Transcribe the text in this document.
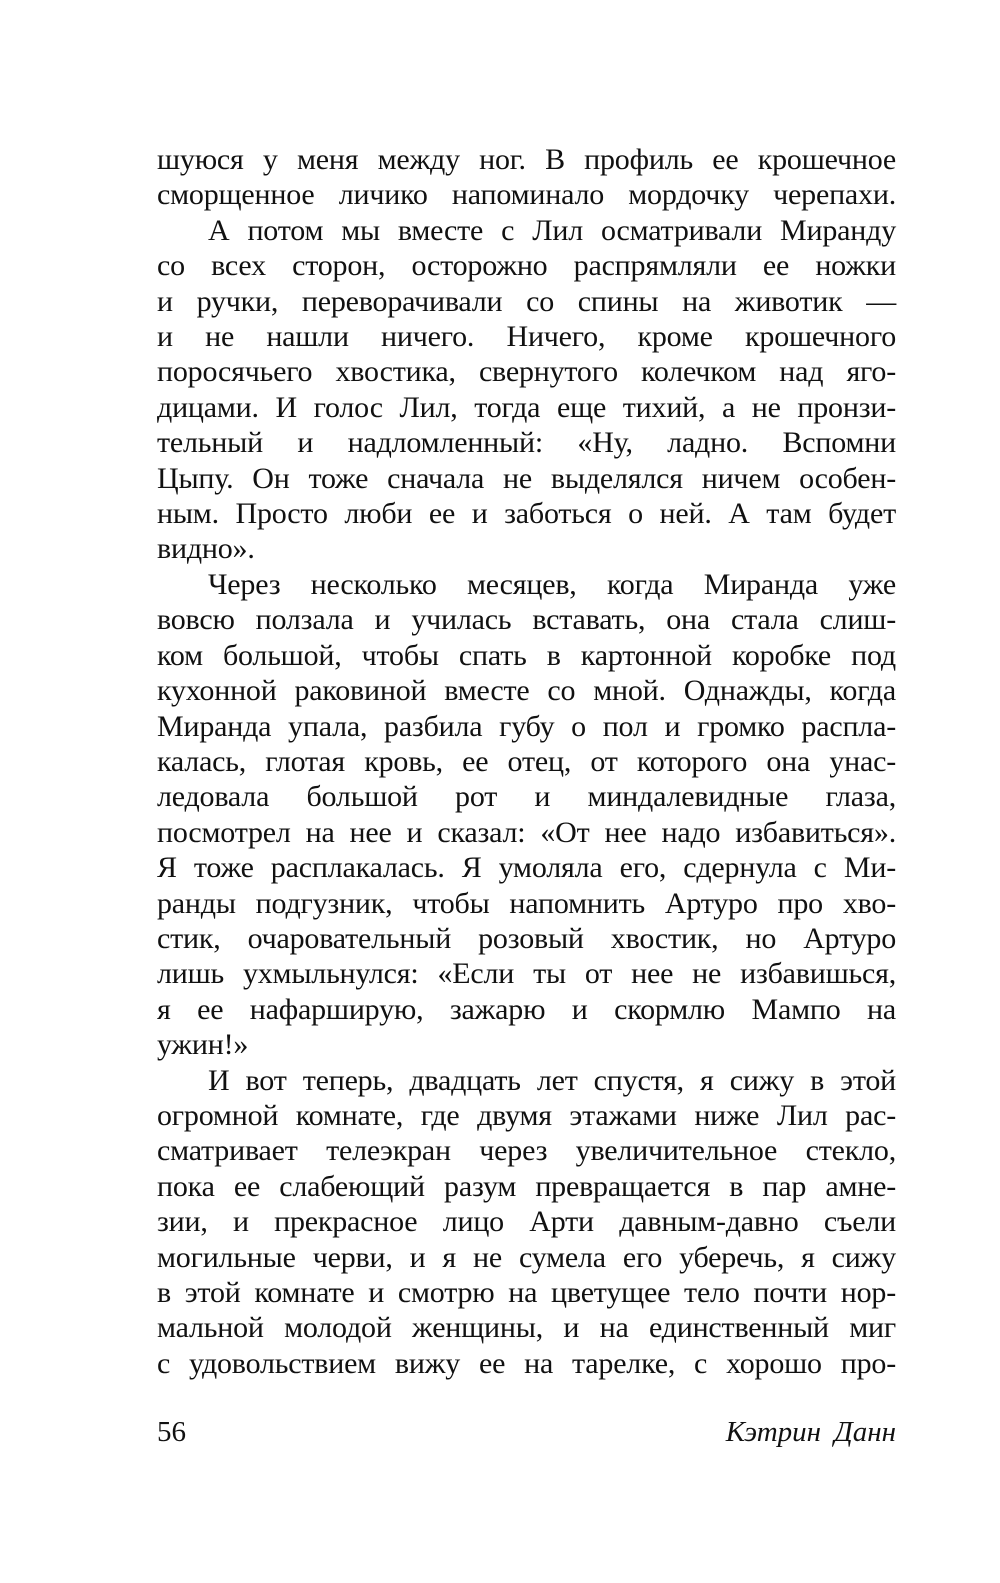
шуюся у меня между ног. В профиль ее крошечное
сморщенное личико напоминало мордочку черепахи.
А потом мы вместе с Лил осматривали Миранду
со всех сторон, осторожно распрямляли ее ножки
и ручки, переворачивали со спины на животик —
и не нашли ничего. Ничего, кроме крошечного
поросячьего хвостика, свернутого колечком над яго-
дицами. И голос Лил, тогда еще тихий, а не пронзи-
тельный и надломленный: «Ну, ладно. Вспомни
Цыпу. Он тоже сначала не выделялся ничем особен-
ным. Просто люби ее и заботься о ней. А там будет
видно».
Через несколько месяцев, когда Миранда уже
вовсю ползала и училась вставать, она стала слиш-
ком большой, чтобы спать в картонной коробке под
кухонной раковиной вместе со мной. Однажды, когда
Миранда упала, разбила губу о пол и громко распла-
калась, глотая кровь, ее отец, от которого она унас-
ледовала большой рот и миндалевидные глаза,
посмотрел на нее и сказал: «От нее надо избавиться».
Я тоже расплакалась. Я умоляла его, сдернула с Ми-
ранды подгузник, чтобы напомнить Артуро про хво-
стик, очаровательный розовый хвостик, но Артуро
лишь ухмыльнулся: «Если ты от нее не избавишься,
я ее нафарширую, зажарю и скормлю Мампо на
ужин!»
И вот теперь, двадцать лет спустя, я сижу в этой
огромной комнате, где двумя этажами ниже Лил рас-
сматривает телеэкран через увеличительное стекло,
пока ее слабеющий разум превращается в пар амне-
зии, и прекрасное лицо Арти давным-давно съели
могильные черви, и я не сумела его уберечь, я сижу
в этой комнате и смотрю на цветущее тело почти нор-
мальной молодой женщины, и на единственный миг
с удовольствием вижу ее на тарелке, с хорошо про-
56	Кэтрин Данн
